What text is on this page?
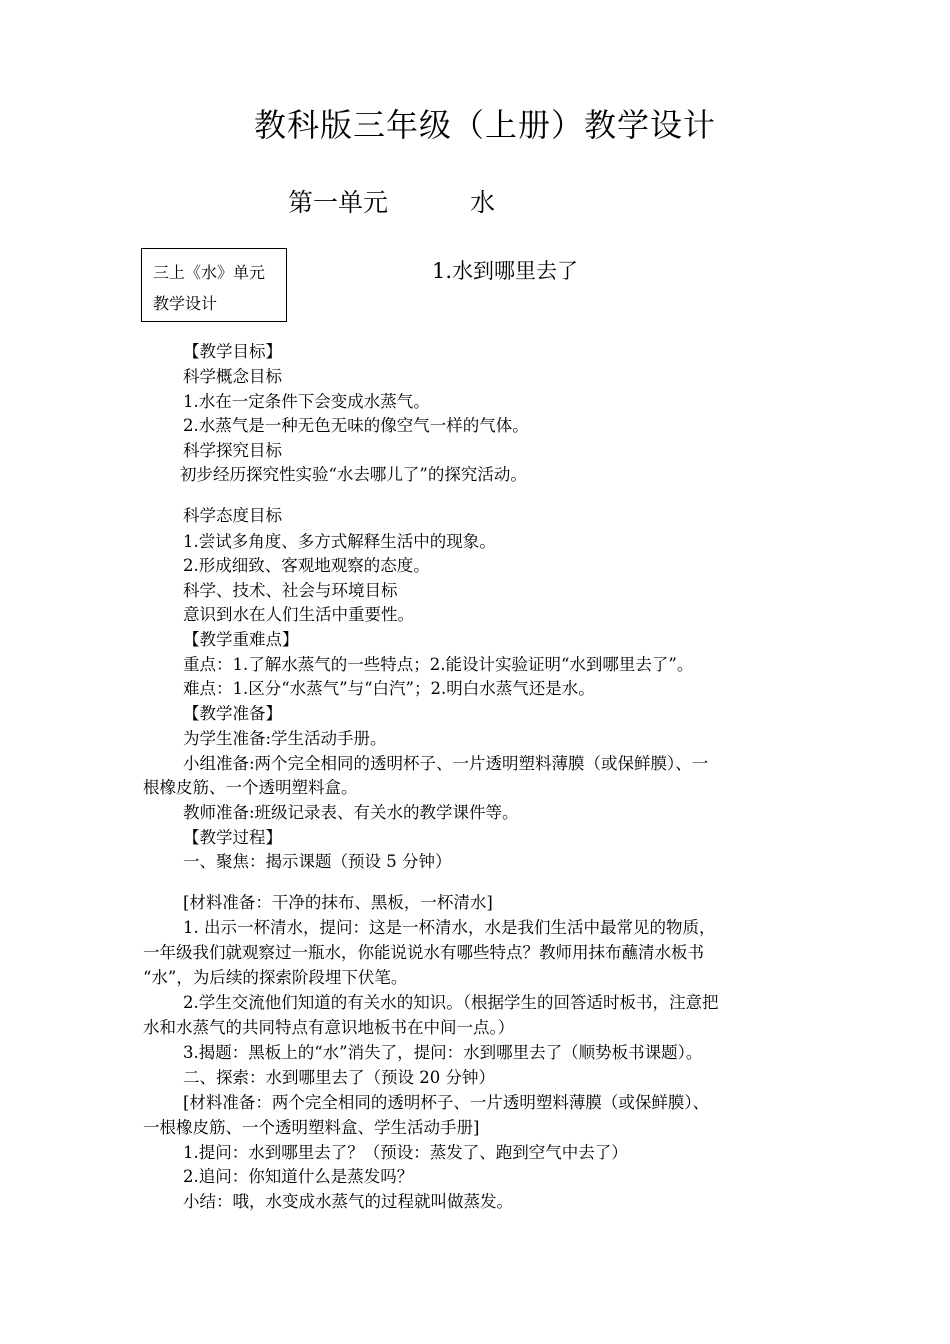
教科版三年级（上册）教学设计
第一单元	水
三上《水》单元
教学设计
1.水到哪里去了
【教学目标】
科学概念目标
1.水在一定条件下会变成水蒸气。
2.水蒸气是一种无色无味的像空气一样的气体。
科学探究目标
初步经历探究性实验“水去哪儿了”的探究活动。
科学态度目标
1.尝试多角度、多方式解释生活中的现象。
2.形成细致、客观地观察的态度。
科学、技术、社会与环境目标
意识到水在人们生活中重要性。
【教学重难点】
重点：1.了解水蒸气的一些特点；2.能设计实验证明“水到哪里去了”。
难点：1.区分“水蒸气”与“白汽”；2.明白水蒸气还是水。
【教学准备】
为学生准备:学生活动手册。
小组准备:两个完全相同的透明杯子、一片透明塑料薄膜（或保鲜膜）、一
根橡皮筋、一个透明塑料盒。
教师准备:班级记录表、有关水的教学课件等。
【教学过程】
一、聚焦：揭示课题（预设 5 分钟）
[材料准备：干净的抹布、黑板，一杯清水]
1. 出示一杯清水，提问：这是一杯清水，水是我们生活中最常见的物质，
一年级我们就观察过一瓶水，你能说说水有哪些特点？教师用抹布蘸清水板书
“水”，为后续的探索阶段埋下伏笔。
2.学生交流他们知道的有关水的知识。（根据学生的回答适时板书，注意把
水和水蒸气的共同特点有意识地板书在中间一点。）
3.揭题：黑板上的“水”消失了，提问：水到哪里去了（顺势板书课题）。
二、探索：水到哪里去了（预设 20 分钟）
[材料准备：两个完全相同的透明杯子、一片透明塑料薄膜（或保鲜膜）、
一根橡皮筋、一个透明塑料盒、学生活动手册]
1.提问：水到哪里去了？（预设：蒸发了、跑到空气中去了）
2.追问：你知道什么是蒸发吗？
小结：哦，水变成水蒸气的过程就叫做蒸发。
